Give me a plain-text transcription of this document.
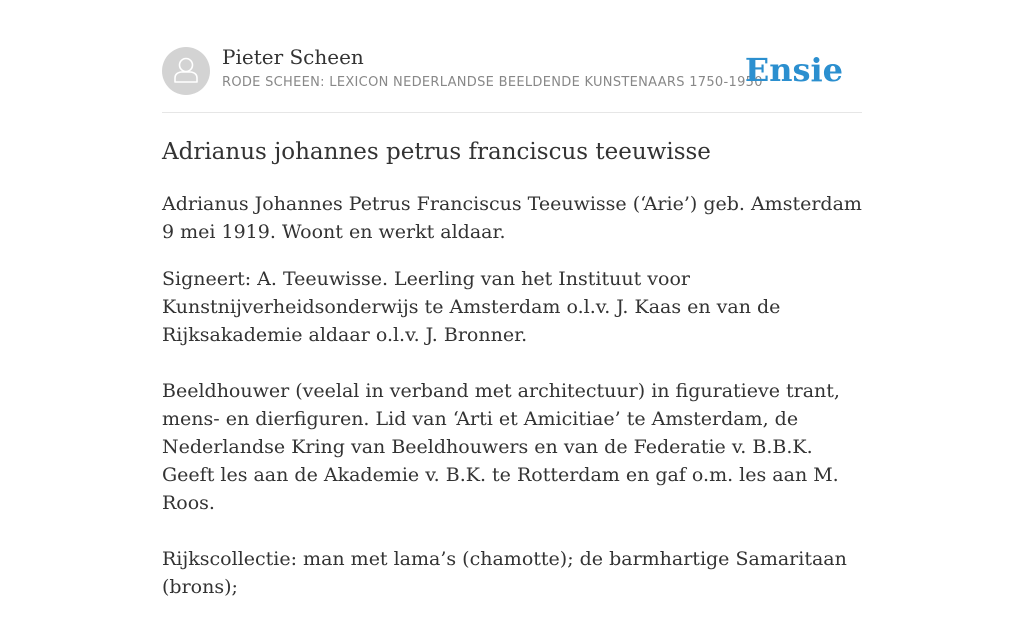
Pieter Scheen
RODE SCHEEN: LEXICON NEDERLANDSE BEELDENDE KUNSTENAARS 1750-1950
Ensie
Adrianus johannes petrus franciscus teeuwisse

Adrianus Johannes Petrus Franciscus Teeuwisse (‘Arie’) geb. Amsterdam 9 mei 1919. Woont en werkt aldaar.

Signeert: A. Teeuwisse. Leerling van het Instituut voor Kunstnijverheidsonderwijs te Amsterdam o.l.v. J. Kaas en van de Rijksakademie aldaar o.l.v. J. Bronner.

Beeldhouwer (veelal in verband met architectuur) in figuratieve trant, mens- en dierfiguren. Lid van ‘Arti et Amicitiae’ te Amsterdam, de Nederlandse Kring van Beeldhouwers en van de Federatie v. B.B.K. Geeft les aan de Akademie v. B.K. te Rotterdam en gaf o.m. les aan M. Roos.

Rijkscollectie: man met lama’s (chamotte); de barmhartige Samaritaan (brons);
